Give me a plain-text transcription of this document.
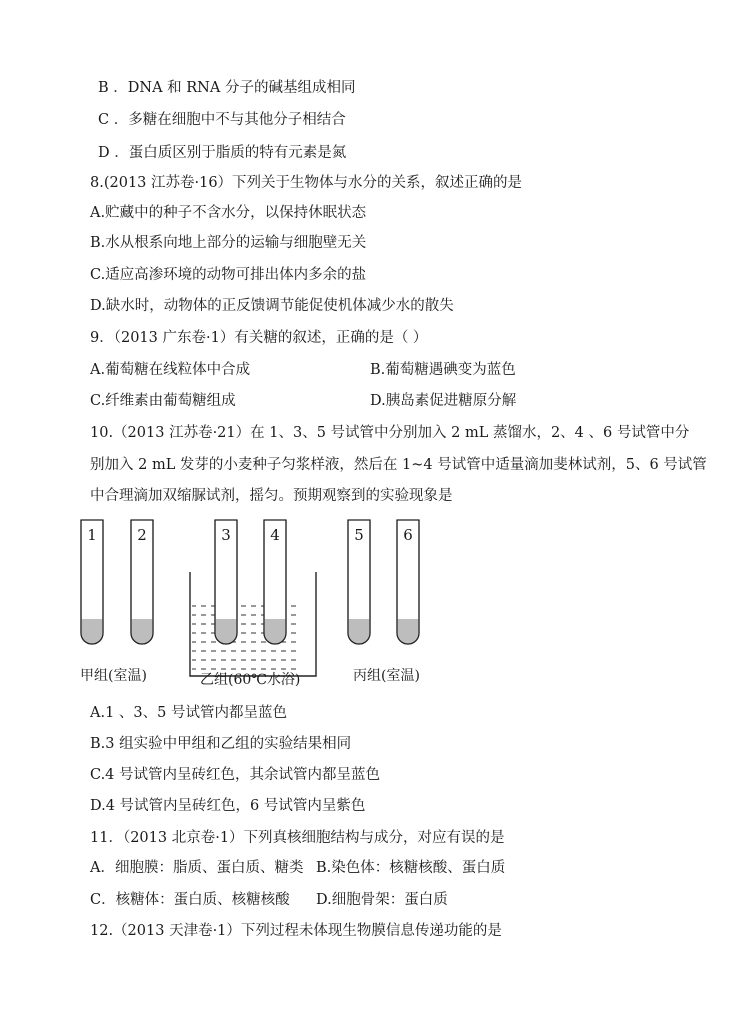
B ．DNA 和 RNA 分子的碱基组成相同
C ．多糖在细胞中不与其他分子相结合
D ．蛋白质区别于脂质的特有元素是氮
8.(2013 江苏卷·16）下列关于生物体与水分的关系，叙述正确的是
A.贮藏中的种子不含水分，以保持休眠状态
B.水从根系向地上部分的运输与细胞壁无关
C.适应高渗环境的动物可排出体内多余的盐
D.缺水时，动物体的正反馈调节能促使机体减少水的散失
9．（2013 广东卷·1）有关糖的叙述，正确的是（ ）
A.葡萄糖在线粒体中合成	B.葡萄糖遇碘变为蓝色
C.纤维素由葡萄糖组成	D.胰岛素促进糖原分解
10.（2013 江苏卷·21）在 1、3、5 号试管中分别加入 2 mL 蒸馏水，2、4 、6 号试管中分
别加入 2 mL 发芽的小麦种子匀浆样液，然后在 1~4 号试管中适量滴加斐林试剂，5、6 号试管
中合理滴加双缩脲试剂，摇匀。预期观察到的实验现象是
1	2	3	4	5	6
甲组(室温)	乙组(60℃水浴)	丙组(室温)
A.1 、3、5 号试管内都呈蓝色
B.3 组实验中甲组和乙组的实验结果相同
C.4 号试管内呈砖红色，其余试管内都呈蓝色
D.4 号试管内呈砖红色，6 号试管内呈紫色
11．（2013 北京卷·1）下列真核细胞结构与成分，对应有误的是
A．细胞膜：脂质、蛋白质、糖类 B.染色体：核糖核酸、蛋白质
C．核糖体：蛋白质、核糖核酸 D.细胞骨架：蛋白质
12.（2013 天津卷·1）下列过程未体现生物膜信息传递功能的是
